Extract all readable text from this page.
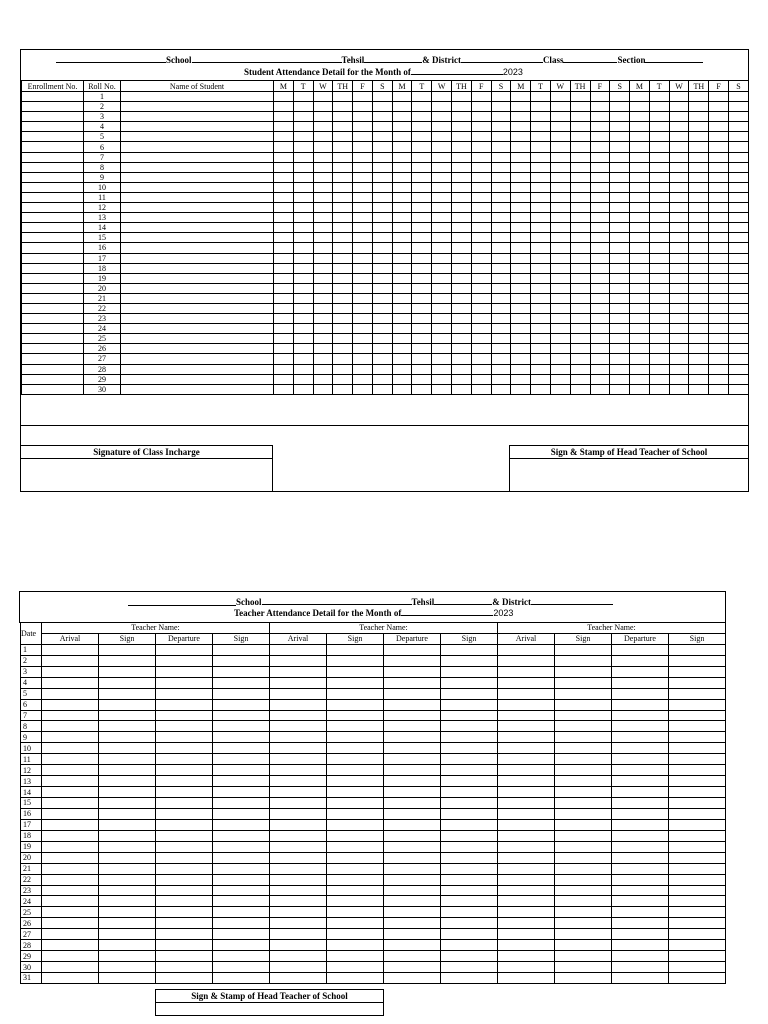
School	Tehsil	& District	Class	Section
Student Attendance Detail for the Month of	2023
Enrollment No.	Roll No.	Name of Student	M	T	W	TH	F	S	M	T	W	TH	F	S	M	T	W	TH	F	S	M	T	W	TH	F	S
	1																									
	2																									
	3																									
	4																									
	5																									
	6																									
	7																									
	8																									
	9																									
	10																									
	11																									
	12																									
	13																									
	14																									
	15																									
	16																									
	17																									
	18																									
	19																									
	20																									
	21																									
	22																									
	23																									
	24																									
	25																									
	26																									
	27																									
	28																									
	29																									
	30																									
Signature of Class Incharge	Sign & Stamp of Head Teacher of School
School	Tehsil	& District
Teacher Attendance Detail for the Month of	2023
Date	Teacher Name:				Teacher Name:				Teacher Name:			
	Arival	Sign	Departure	Sign	Arival	Sign	Departure	Sign	Arival	Sign	Departure	Sign
1												
2												
3												
4												
5												
6												
7												
8												
9												
10												
11												
12												
13												
14												
15												
16												
17												
18												
19												
20												
21												
22												
23												
24												
25												
26												
27												
28												
29												
30												
31												
Sign & Stamp of Head Teacher of School
